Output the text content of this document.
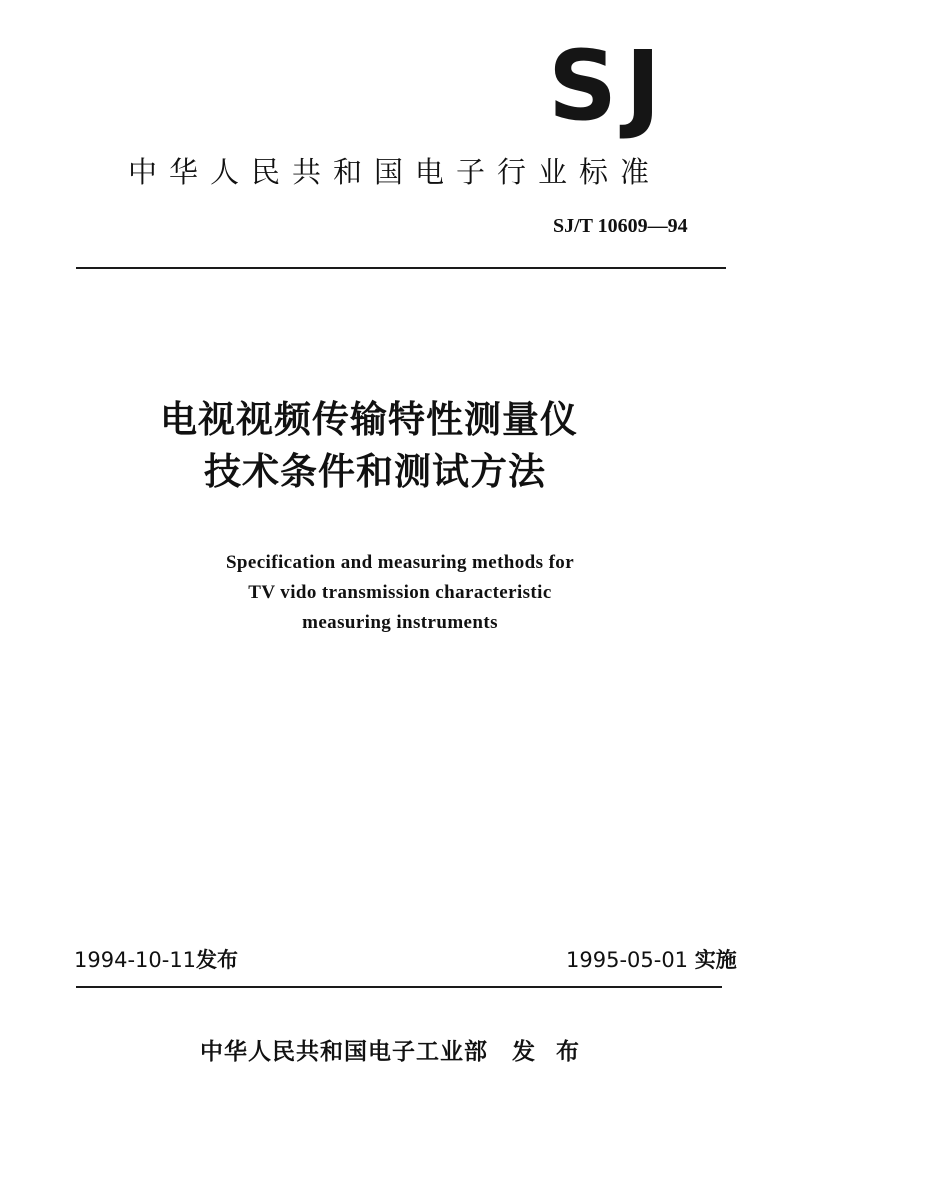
SJ
中华人民共和国电子行业标准
SJ/T 10609—94
电视视频传输特性测量仪
技术条件和测试方法
Specification and measuring methods for
TV vido transmission characteristic
measuring instruments
1994-10-11发布	1995-05-01 实施
中华人民共和国电子工业部 发 布
